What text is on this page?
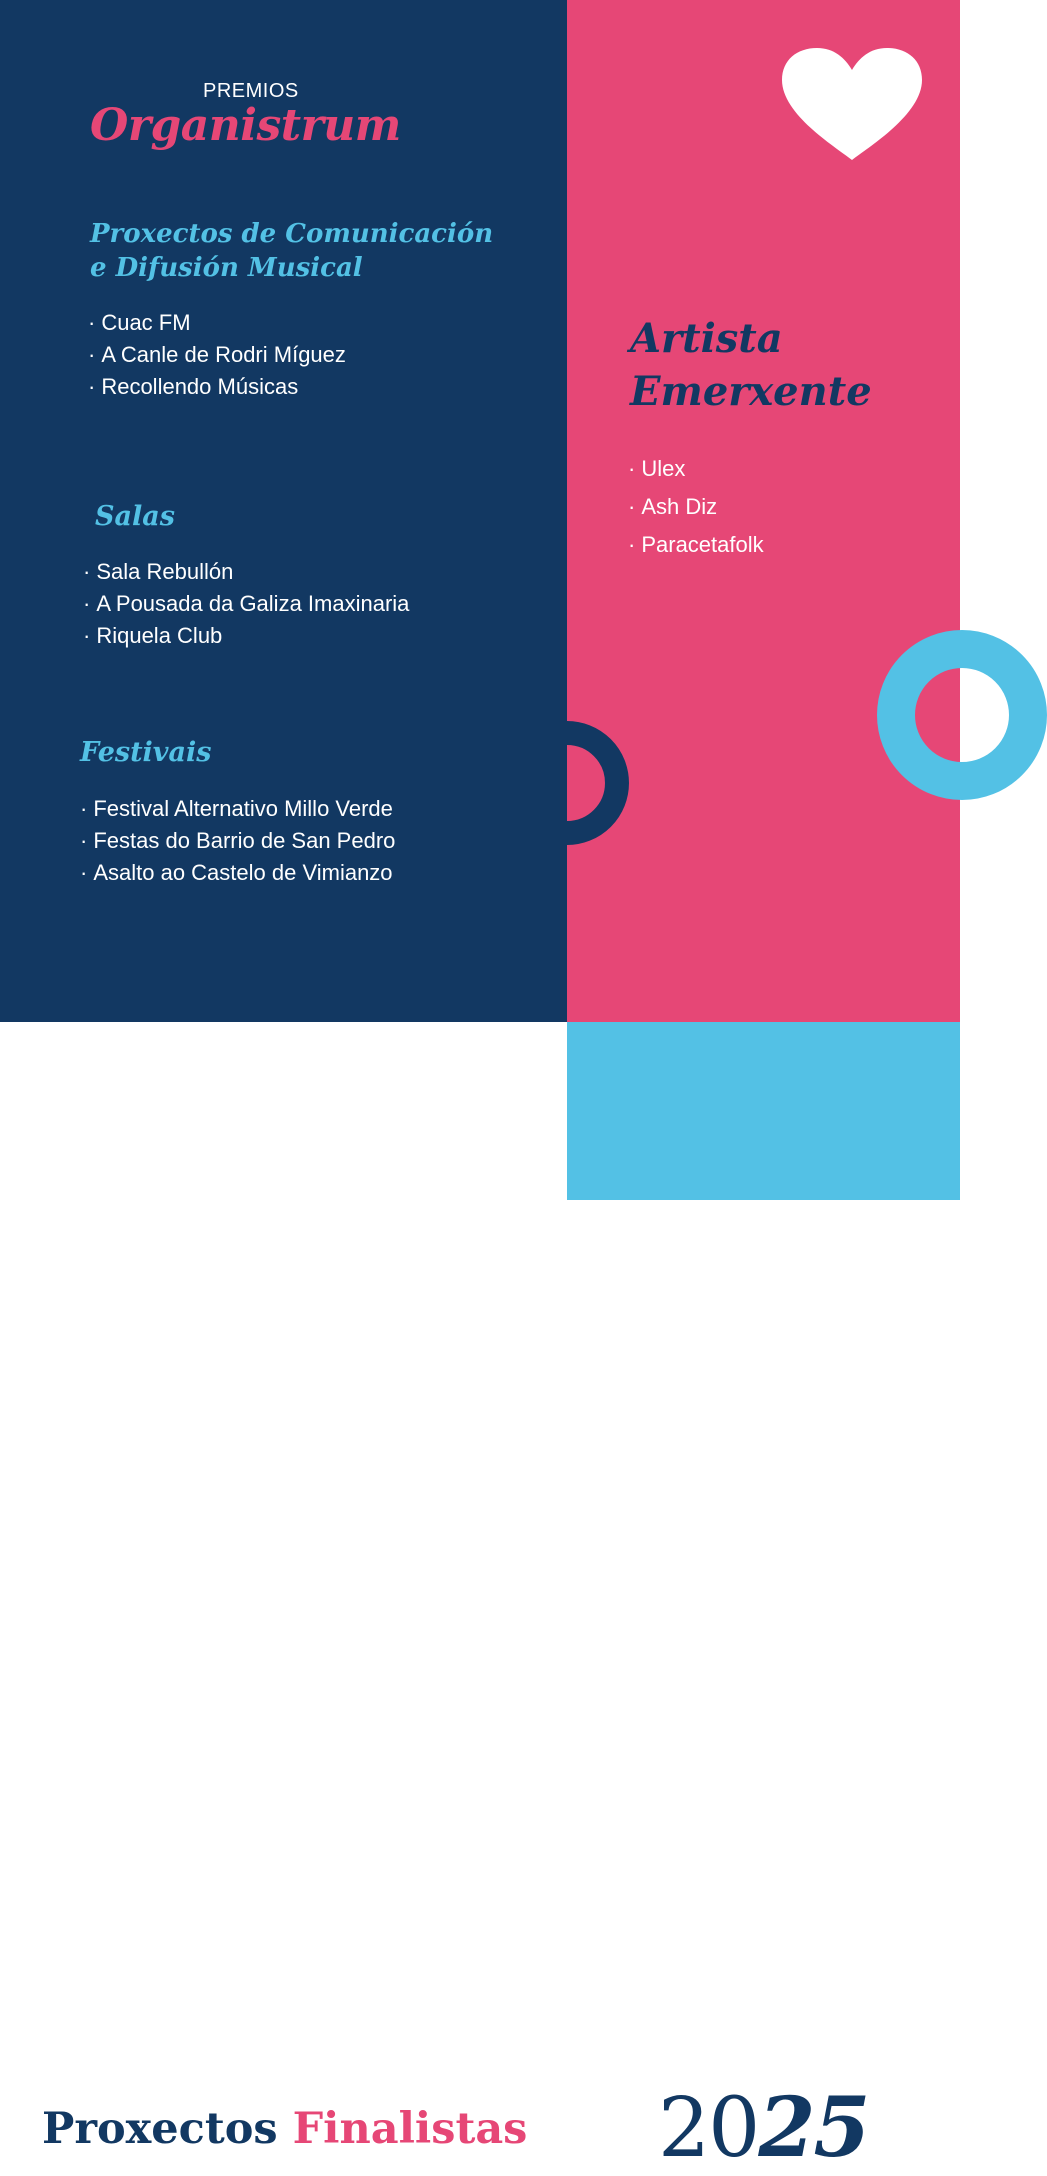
PREMIOS
Organistrum
Proxectos de Comunicación
e Difusión Musical
· Cuac FM
· A Canle de Rodri Míguez
· Recollendo Músicas
Salas
· Sala Rebullón
· A Pousada da Galiza Imaxinaria
· Riquela Club
Festivais
· Festival Alternativo Millo Verde
· Festas do Barrio de San Pedro
· Asalto ao Castelo de Vimianzo
Artista
Emerxente
· Ulex
· Ash Diz
· Paracetafolk
Proxectos Finalistas 2025
